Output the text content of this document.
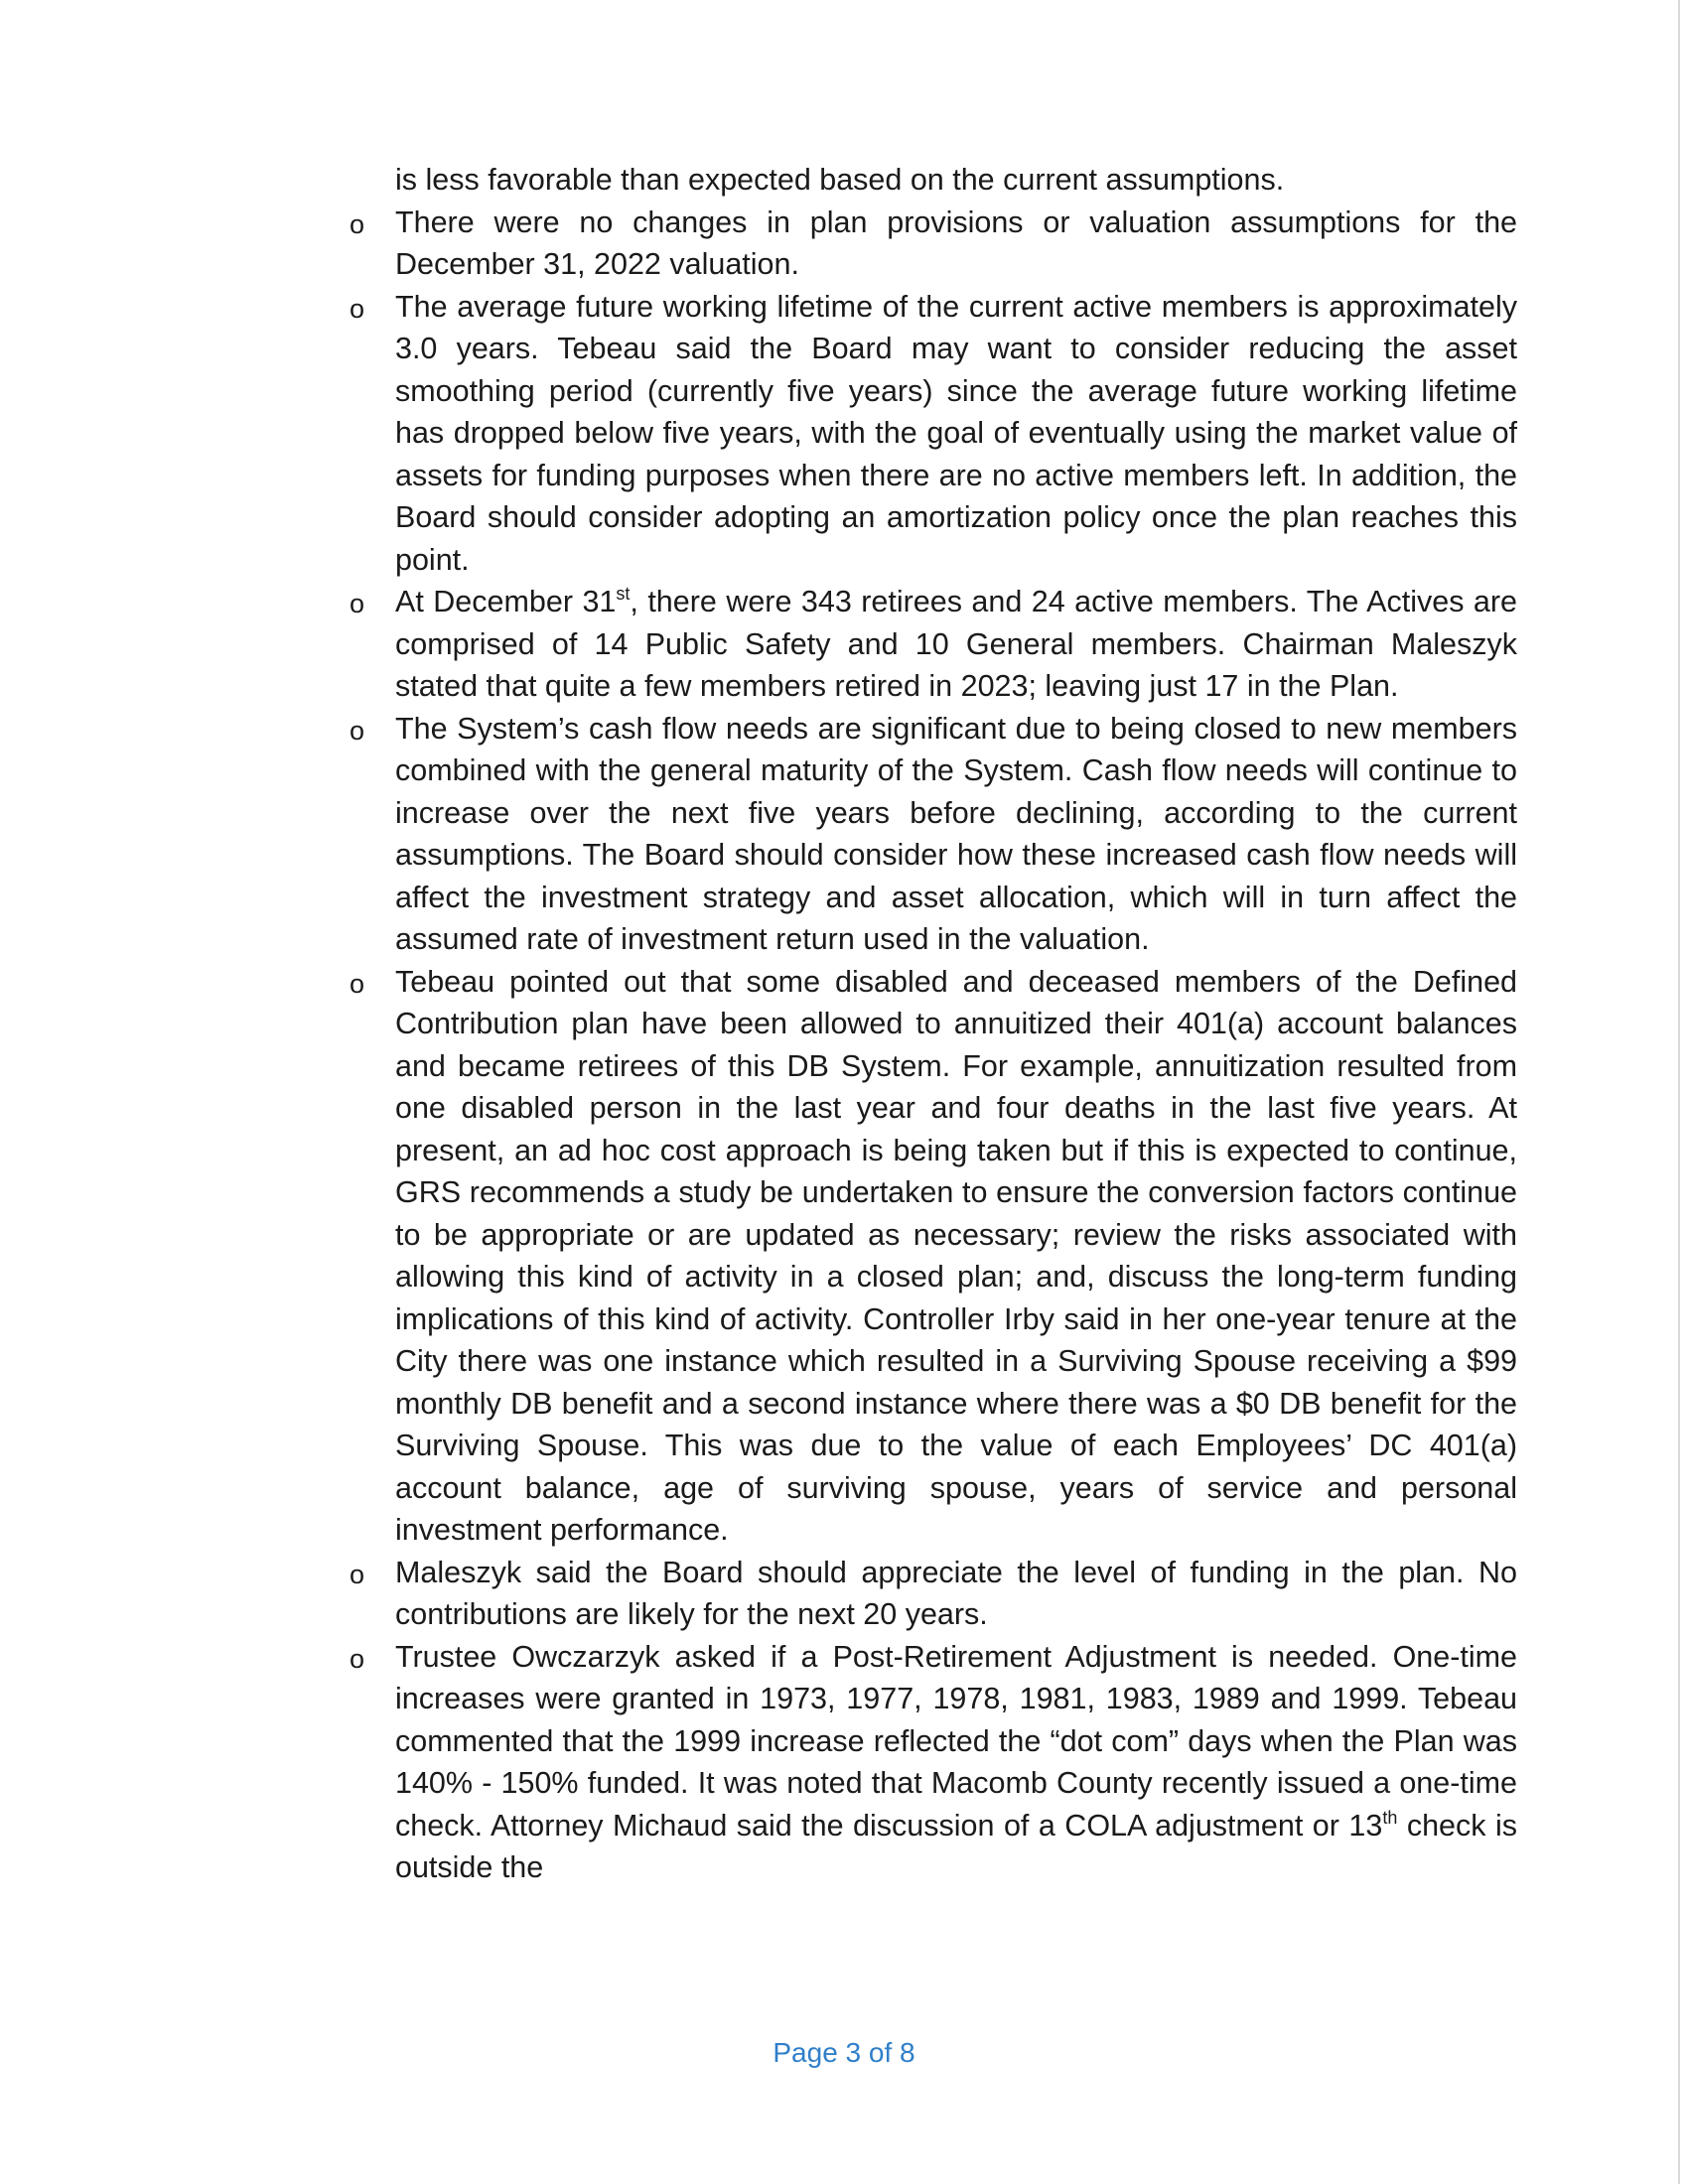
is less favorable than expected based on the current assumptions.

o There were no changes in plan provisions or valuation assumptions for the December 31, 2022 valuation.
o The average future working lifetime of the current active members is approximately 3.0 years. Tebeau said the Board may want to consider reducing the asset smoothing period (currently five years) since the average future working lifetime has dropped below five years, with the goal of eventually using the market value of assets for funding purposes when there are no active members left. In addition, the Board should consider adopting an amortization policy once the plan reaches this point.
o At December 31st, there were 343 retirees and 24 active members. The Actives are comprised of 14 Public Safety and 10 General members. Chairman Maleszyk stated that quite a few members retired in 2023; leaving just 17 in the Plan.
o The System’s cash flow needs are significant due to being closed to new members combined with the general maturity of the System. Cash flow needs will continue to increase over the next five years before declining, according to the current assumptions. The Board should consider how these increased cash flow needs will affect the investment strategy and asset allocation, which will in turn affect the assumed rate of investment return used in the valuation.
o Tebeau pointed out that some disabled and deceased members of the Defined Contribution plan have been allowed to annuitized their 401(a) account balances and became retirees of this DB System. For example, annuitization resulted from one disabled person in the last year and four deaths in the last five years. At present, an ad hoc cost approach is being taken but if this is expected to continue, GRS recommends a study be undertaken to ensure the conversion factors continue to be appropriate or are updated as necessary; review the risks associated with allowing this kind of activity in a closed plan; and, discuss the long-term funding implications of this kind of activity. Controller Irby said in her one-year tenure at the City there was one instance which resulted in a Surviving Spouse receiving a $99 monthly DB benefit and a second instance where there was a $0 DB benefit for the Surviving Spouse. This was due to the value of each Employees’ DC 401(a) account balance, age of surviving spouse, years of service and personal investment performance.
o Maleszyk said the Board should appreciate the level of funding in the plan. No contributions are likely for the next 20 years.
o Trustee Owczarzyk asked if a Post-Retirement Adjustment is needed. One-time increases were granted in 1973, 1977, 1978, 1981, 1983, 1989 and 1999. Tebeau commented that the 1999 increase reflected the “dot com” days when the Plan was 140% - 150% funded. It was noted that Macomb County recently issued a one-time check. Attorney Michaud said the discussion of a COLA adjustment or 13th check is outside the
Page 3 of 8
